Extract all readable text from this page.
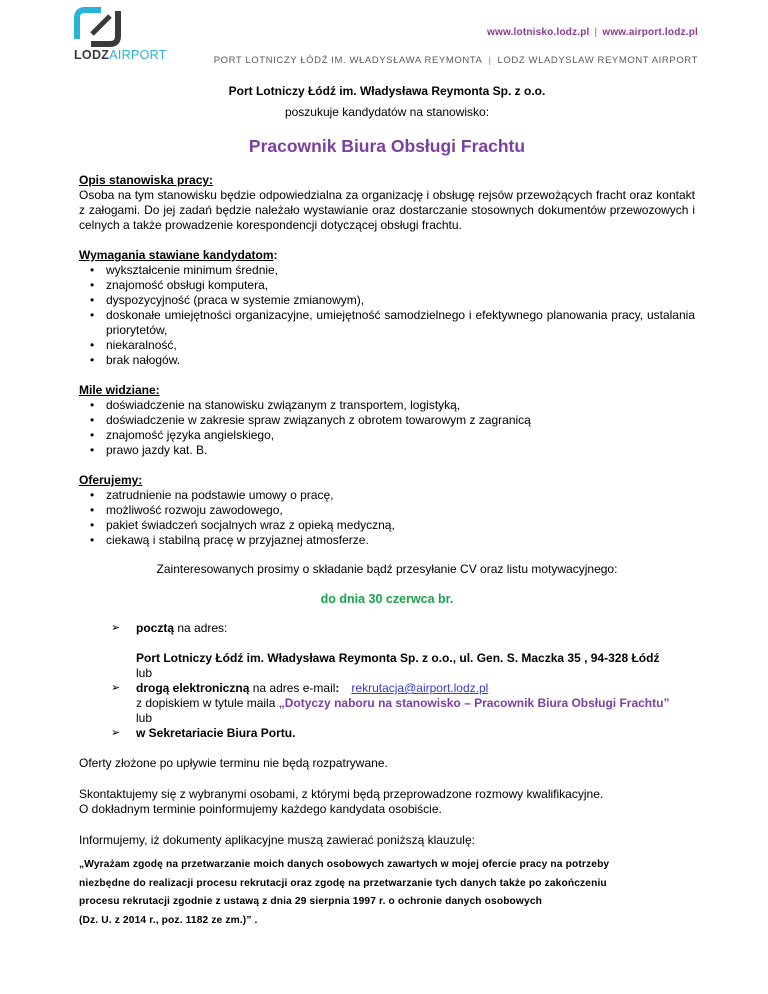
LODZAIRPORT
www.lotnisko.lodz.pl | www.airport.lodz.pl
PORT LOTNICZY ŁÓDŹ IM. WŁADYSŁAWA REYMONTA | LODZ WLADYSLAW REYMONT AIRPORT

Port Lotniczy Łódź im. Władysława Reymonta Sp. z o.o.

poszukuje kandydatów na stanowisko:

Pracownik Biura Obsługi Frachtu

Opis stanowiska pracy:

Osoba na tym stanowisku będzie odpowiedzialna za organizację i obsługę rejsów przewożących fracht oraz kontakt z załogami. Do jej zadań będzie należało wystawianie oraz dostarczanie stosownych dokumentów przewozowych i celnych a także prowadzenie korespondencji dotyczącej obsługi frachtu.

Wymagania stawiane kandydatom:

• wykształcenie minimum średnie,
• znajomość obsługi komputera,
• dyspozycyjność (praca w systemie zmianowym),
• doskonałe umiejętności organizacyjne, umiejętność samodzielnego i efektywnego planowania pracy, ustalania priorytetów,
• niekaralność,
• brak nałogów.

Mile widziane:

• doświadczenie na stanowisku związanym z transportem, logistyką,
• doświadczenie w zakresie spraw związanych z obrotem towarowym z zagranicą
• znajomość języka angielskiego,
• prawo jazdy kat. B.

Oferujemy:

• zatrudnienie na podstawie umowy o pracę,
• możliwość rozwoju zawodowego,
• pakiet świadczeń socjalnych wraz z opieką medyczną,
• ciekawą i stabilną pracę w przyjaznej atmosferze.

Zainteresowanych prosimy o składanie bądź przesyłanie CV oraz listu motywacyjnego:

do dnia 30 czerwca br.

➢ pocztą na adres:

Port Lotniczy Łódź im. Władysława Reymonta Sp. z o.o., ul. Gen. S. Maczka 35 , 94-328 Łódź

lub

➢ drogą elektroniczną na adres e-mail: rekrutacja@airport.lodz.pl

z dopiskiem w tytule maila „Dotyczy naboru na stanowisko – Pracownik Biura Obsługi Frachtu”

lub

➢ w Sekretariacie Biura Portu.

Oferty złożone po upływie terminu nie będą rozpatrywane.

Skontaktujemy się z wybranymi osobami, z którymi będą przeprowadzone rozmowy kwalifikacyjne.

O dokładnym terminie poinformujemy każdego kandydata osobiście.

Informujemy, iż dokumenty aplikacyjne muszą zawierać poniższą klauzulę:

„Wyrażam zgodę na przetwarzanie moich danych osobowych zawartych w mojej ofercie pracy na potrzeby
niezbędne do realizacji procesu rekrutacji oraz zgodę na przetwarzanie tych danych także po zakończeniu
procesu rekrutacji zgodnie z ustawą z dnia 29 sierpnia 1997 r. o ochronie danych osobowych
(Dz. U. z 2014 r., poz. 1182 ze zm.)” .
